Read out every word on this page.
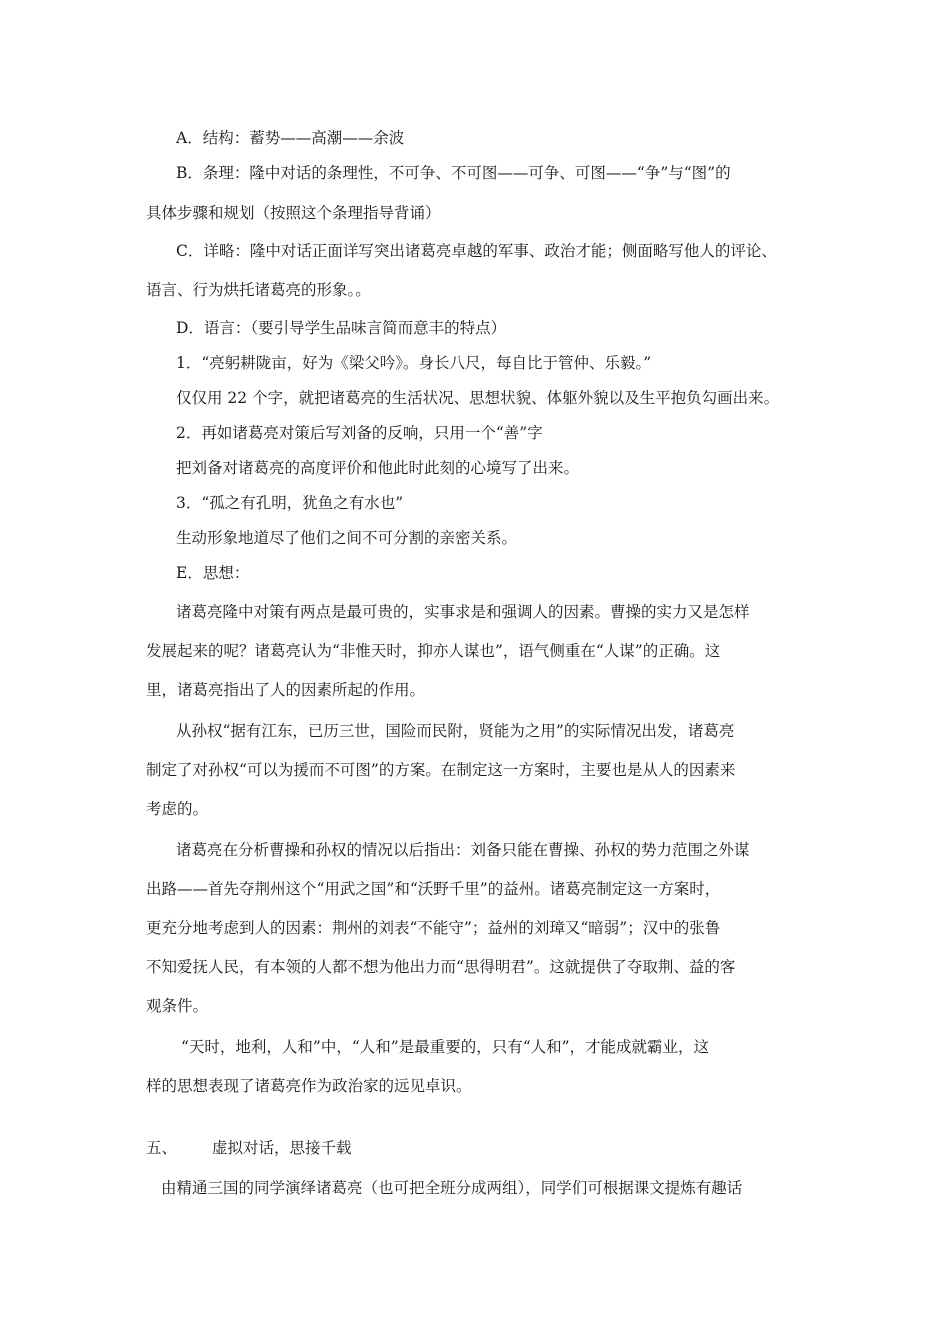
A．结构：蓄势——高潮——余波
B．条理：隆中对话的条理性，不可争、不可图——可争、可图——“争”与“图”的
具体步骤和规划（按照这个条理指导背诵）
C．详略：隆中对话正面详写突出诸葛亮卓越的军事、政治才能；侧面略写他人的评论、
语言、行为烘托诸葛亮的形象。。
D．语言：（要引导学生品味言简而意丰的特点）
1．“亮躬耕陇亩，好为《梁父吟》。身长八尺，每自比于管仲、乐毅。”
仅仅用 22 个字，就把诸葛亮的生活状况、思想状貌、体躯外貌以及生平抱负勾画出来。
2．再如诸葛亮对策后写刘备的反响，只用一个“善”字
把刘备对诸葛亮的高度评价和他此时此刻的心境写了出来。
3．“孤之有孔明，犹鱼之有水也”
生动形象地道尽了他们之间不可分割的亲密关系。
E．思想：
诸葛亮隆中对策有两点是最可贵的，实事求是和强调人的因素。曹操的实力又是怎样
发展起来的呢？诸葛亮认为“非惟天时，抑亦人谋也”，语气侧重在“人谋”的正确。这
里，诸葛亮指出了人的因素所起的作用。
从孙权“据有江东，已历三世，国险而民附，贤能为之用”的实际情况出发，诸葛亮
制定了对孙权“可以为援而不可图”的方案。在制定这一方案时，主要也是从人的因素来
考虑的。
诸葛亮在分析曹操和孙权的情况以后指出：刘备只能在曹操、孙权的势力范围之外谋
出路——首先夺荆州这个“用武之国”和“沃野千里”的益州。诸葛亮制定这一方案时，
更充分地考虑到人的因素：荆州的刘表“不能守”；益州的刘璋又“暗弱”；汉中的张鲁
不知爱抚人民，有本领的人都不想为他出力而“思得明君”。这就提供了夺取荆、益的客
观条件。
“天时，地利，人和”中，“人和”是最重要的，只有“人和”，才能成就霸业，这
样的思想表现了诸葛亮作为政治家的远见卓识。
五、 虚拟对话，思接千载
由精通三国的同学演绎诸葛亮（也可把全班分成两组），同学们可根据课文提炼有趣话
